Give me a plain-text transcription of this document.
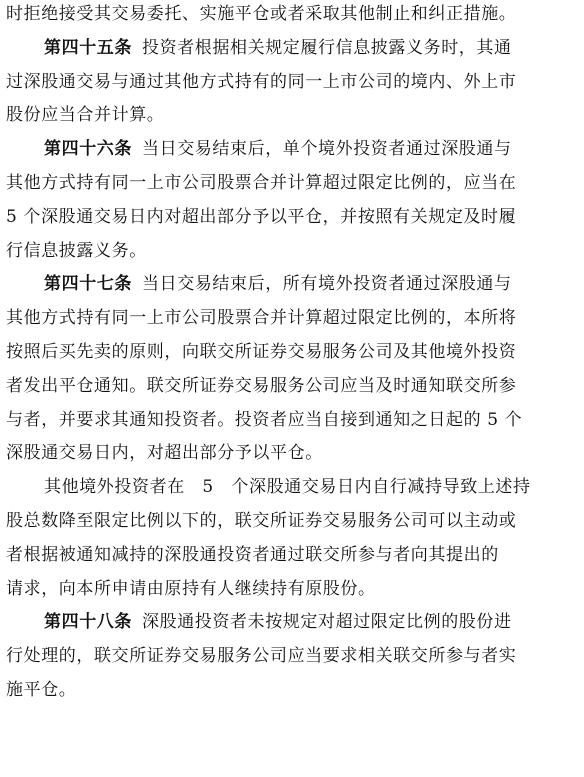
时拒绝接受其交易委托、实施平仓或者采取其他制止和纠正措施。
第四十五条 投资者根据相关规定履行信息披露义务时，其通
过深股通交易与通过其他方式持有的同一上市公司的境内、外上市
股份应当合并计算。
第四十六条 当日交易结束后，单个境外投资者通过深股通与
其他方式持有同一上市公司股票合并计算超过限定比例的，应当在
5 个深股通交易日内对超出部分予以平仓，并按照有关规定及时履
行信息披露义务。
第四十七条 当日交易结束后，所有境外投资者通过深股通与
其他方式持有同一上市公司股票合并计算超过限定比例的，本所将
按照后买先卖的原则，向联交所证券交易服务公司及其他境外投资
者发出平仓通知。联交所证券交易服务公司应当及时通知联交所参
与者，并要求其通知投资者。投资者应当自接到通知之日起的 5 个
深股通交易日内，对超出部分予以平仓。
其他境外投资者在　5　个深股通交易日内自行减持导致上述持
股总数降至限定比例以下的，联交所证券交易服务公司可以主动或
者根据被通知减持的深股通投资者通过联交所参与者向其提出的
请求，向本所申请由原持有人继续持有原股份。
第四十八条 深股通投资者未按规定对超过限定比例的股份进
行处理的，联交所证券交易服务公司应当要求相关联交所参与者实
施平仓。
